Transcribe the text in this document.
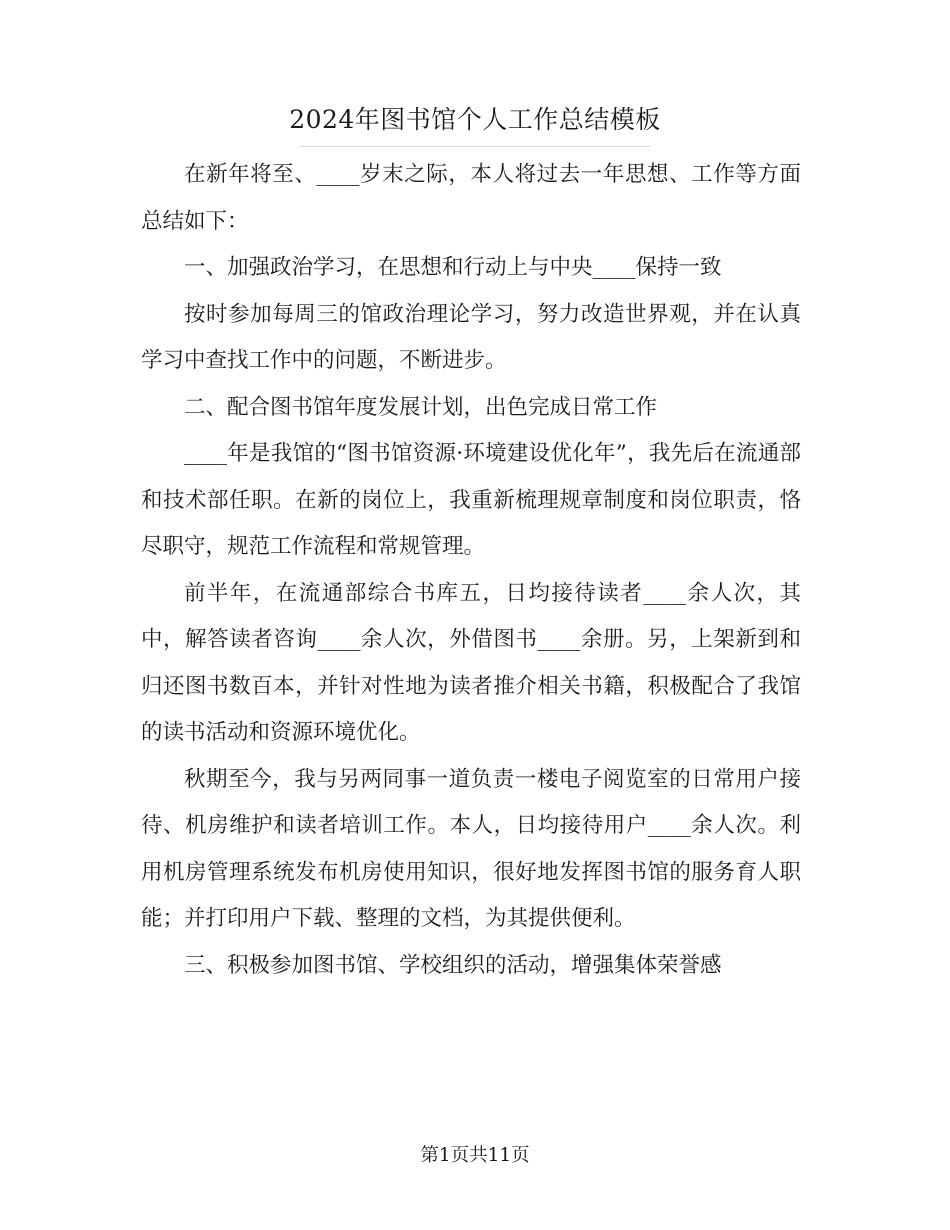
2024年图书馆个人工作总结模板

在新年将至、____岁末之际，本人将过去一年思想、工作等方面总结如下：

一、加强政治学习，在思想和行动上与中央____保持一致

按时参加每周三的馆政治理论学习，努力改造世界观，并在认真学习中查找工作中的问题，不断进步。

二、配合图书馆年度发展计划，出色完成日常工作

____年是我馆的“图书馆资源·环境建设优化年”，我先后在流通部和技术部任职。在新的岗位上，我重新梳理规章制度和岗位职责，恪尽职守，规范工作流程和常规管理。

前半年，在流通部综合书库五，日均接待读者____余人次，其中，解答读者咨询____余人次，外借图书____余册。另，上架新到和归还图书数百本，并针对性地为读者推介相关书籍，积极配合了我馆的读书活动和资源环境优化。

秋期至今，我与另两同事一道负责一楼电子阅览室的日常用户接待、机房维护和读者培训工作。本人，日均接待用户____余人次。利用机房管理系统发布机房使用知识，很好地发挥图书馆的服务育人职能；并打印用户下载、整理的文档，为其提供便利。

三、积极参加图书馆、学校组织的活动，增强集体荣誉感

第1页共11页
